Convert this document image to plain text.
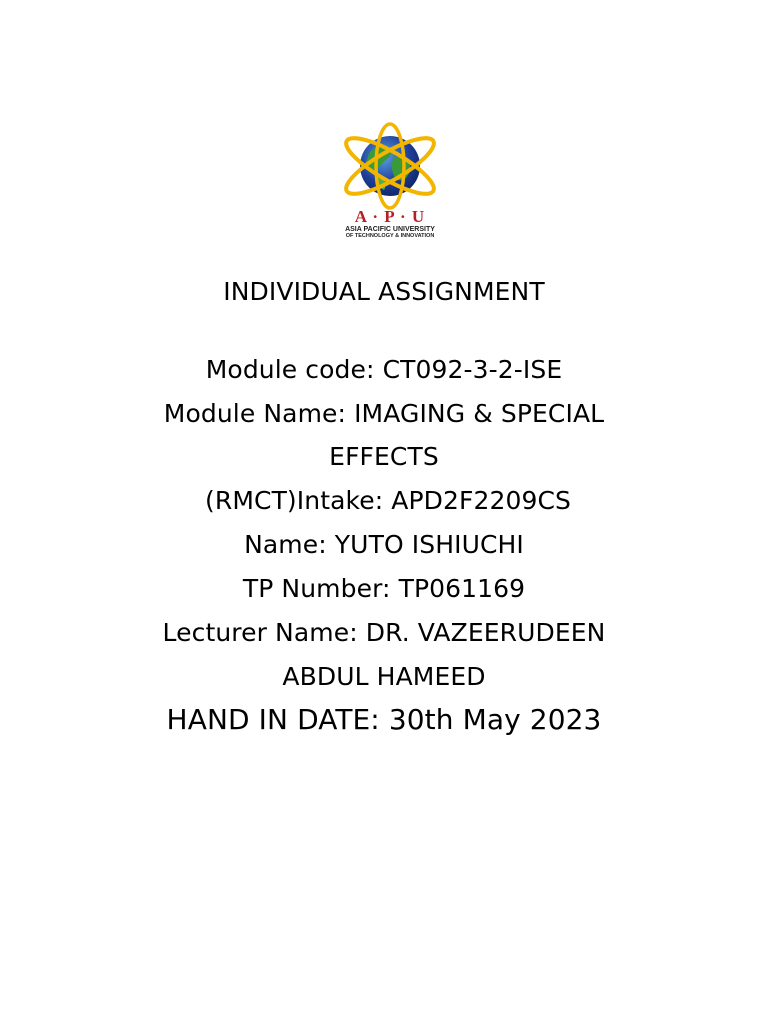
A · P · U
ASIA PACIFIC UNIVERSITY
OF TECHNOLOGY & INNOVATION
INDIVIDUAL ASSIGNMENT
Module code: CT092-3-2-ISE
Module Name: IMAGING & SPECIAL
EFFECTS
(RMCT)Intake: APD2F2209CS
Name: YUTO ISHIUCHI
TP Number: TP061169
Lecturer Name: DR. VAZEERUDEEN
ABDUL HAMEED
HAND IN DATE: 30th May 2023
